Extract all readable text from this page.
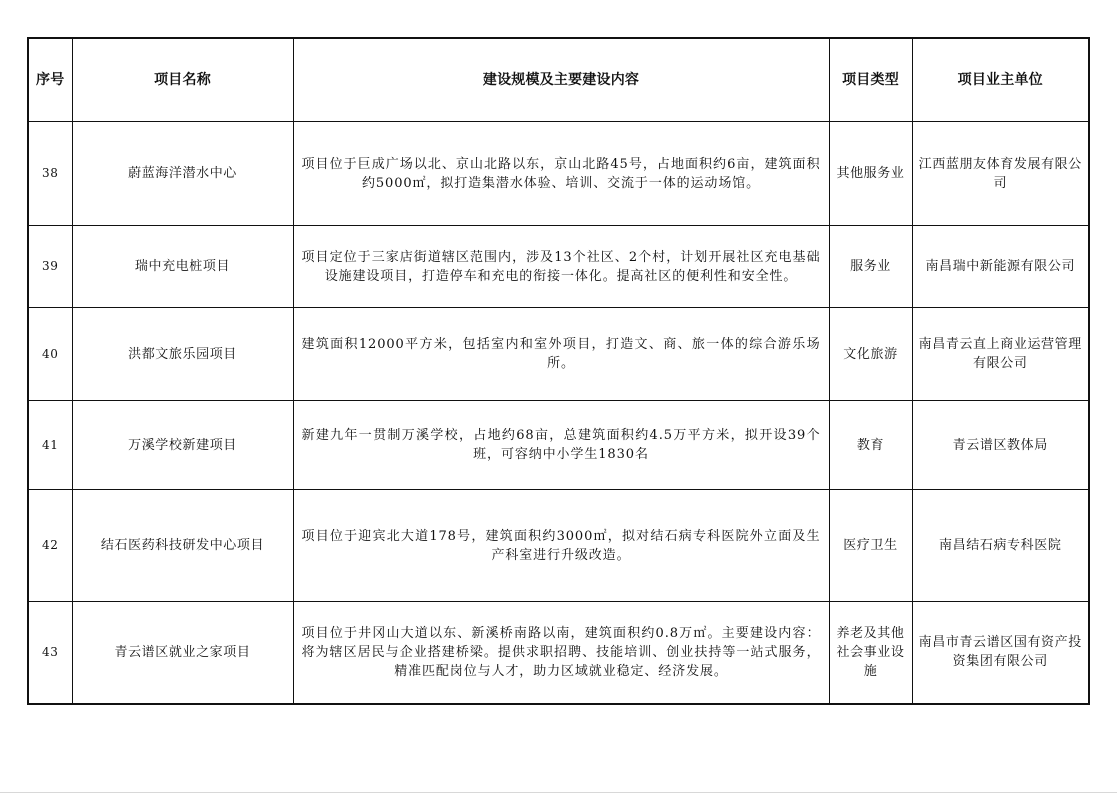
序号	项目名称	建设规模及主要建设内容	项目类型	项目业主单位
38	蔚蓝海洋潜水中心	项目位于巨成广场以北、京山北路以东，京山北路45号，占地面积约6亩，建筑面积约5000㎡，拟打造集潜水体验、培训、交流于一体的运动场馆。	其他服务业	江西蓝朋友体育发展有限公司
39	瑞中充电桩项目	项目定位于三家店街道辖区范围内，涉及13个社区、2个村，计划开展社区充电基础设施建设项目，打造停车和充电的衔接一体化。提高社区的便利性和安全性。	服务业	南昌瑞中新能源有限公司
40	洪都文旅乐园项目	建筑面积12000平方米，包括室内和室外项目，打造文、商、旅一体的综合游乐场所。	文化旅游	南昌青云直上商业运营管理有限公司
41	万溪学校新建项目	新建九年一贯制万溪学校，占地约68亩，总建筑面积约4.5万平方米，拟开设39个班，可容纳中小学生1830名	教育	青云谱区教体局
42	结石医药科技研发中心项目	项目位于迎宾北大道178号，建筑面积约3000㎡，拟对结石病专科医院外立面及生产科室进行升级改造。	医疗卫生	南昌结石病专科医院
43	青云谱区就业之家项目	项目位于井冈山大道以东、新溪桥南路以南，建筑面积约0.8万㎡。主要建设内容：将为辖区居民与企业搭建桥梁。提供求职招聘、技能培训、创业扶持等一站式服务，精准匹配岗位与人才，助力区域就业稳定、经济发展。	养老及其他社会事业设施	南昌市青云谱区国有资产投资集团有限公司
